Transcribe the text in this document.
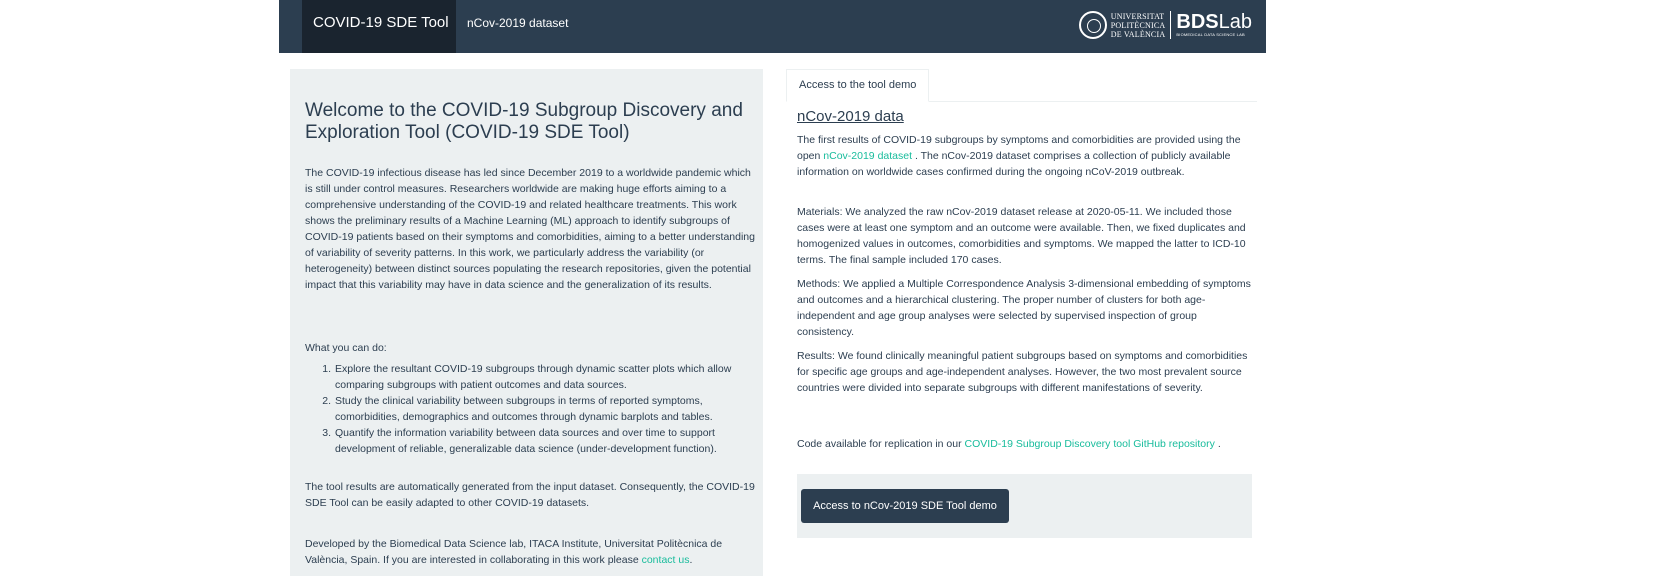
COVID-19 SDE Tool	nCov-2019 dataset	UNIVERSITAT
POLITÈCNICA
DE VALÈNCIA
BDSLab
BIOMEDICAL DATA SCIENCE LAB
Welcome to the COVID-19 Subgroup Discovery and Exploration Tool (COVID-19 SDE Tool)

The COVID-19 infectious disease has led since December 2019 to a worldwide pandemic which is still under control measures. Researchers worldwide are making huge efforts aiming to a comprehensive understanding of the COVID-19 and related healthcare treatments. This work shows the preliminary results of a Machine Learning (ML) approach to identify subgroups of COVID-19 patients based on their symptoms and comorbidities, aiming to a better understanding of variability of severity patterns. In this work, we particularly address the variability (or heterogeneity) between distinct sources populating the research repositories, given the potential impact that this variability may have in data science and the generalization of its results.

What you can do:

1. Explore the resultant COVID-19 subgroups through dynamic scatter plots which allow comparing subgroups with patient outcomes and data sources.
2. Study the clinical variability between subgroups in terms of reported symptoms, comorbidities, demographics and outcomes through dynamic barplots and tables.
3. Quantify the information variability between data sources and over time to support development of reliable, generalizable data science (under-development function).

The tool results are automatically generated from the input dataset. Consequently, the COVID-19 SDE Tool can be easily adapted to other COVID-19 datasets.

Developed by the Biomedical Data Science lab, ITACA Institute, Universitat Politècnica de València, Spain. If you are interested in collaborating in this work please contact us.

Access to the tool demo
nCov-2019 data

The first results of COVID-19 subgroups by symptoms and comorbidities are provided using the open nCov-2019 dataset . The nCov-2019 dataset comprises a collection of publicly available information on worldwide cases confirmed during the ongoing nCoV-2019 outbreak.

Materials: We analyzed the raw nCov-2019 dataset release at 2020-05-11. We included those cases were at least one symptom and an outcome were available. Then, we fixed duplicates and homogenized values in outcomes, comorbidities and symptoms. We mapped the latter to ICD-10 terms. The final sample included 170 cases.

Methods: We applied a Multiple Correspondence Analysis 3-dimensional embedding of symptoms and outcomes and a hierarchical clustering. The proper number of clusters for both age-independent and age group analyses were selected by supervised inspection of group consistency.

Results: We found clinically meaningful patient subgroups based on symptoms and comorbidities for specific age groups and age-independent analyses. However, the two most prevalent source countries were divided into separate subgroups with different manifestations of severity.

Code available for replication in our COVID-19 Subgroup Discovery tool GitHub repository .

Access to nCov-2019 SDE Tool demo
